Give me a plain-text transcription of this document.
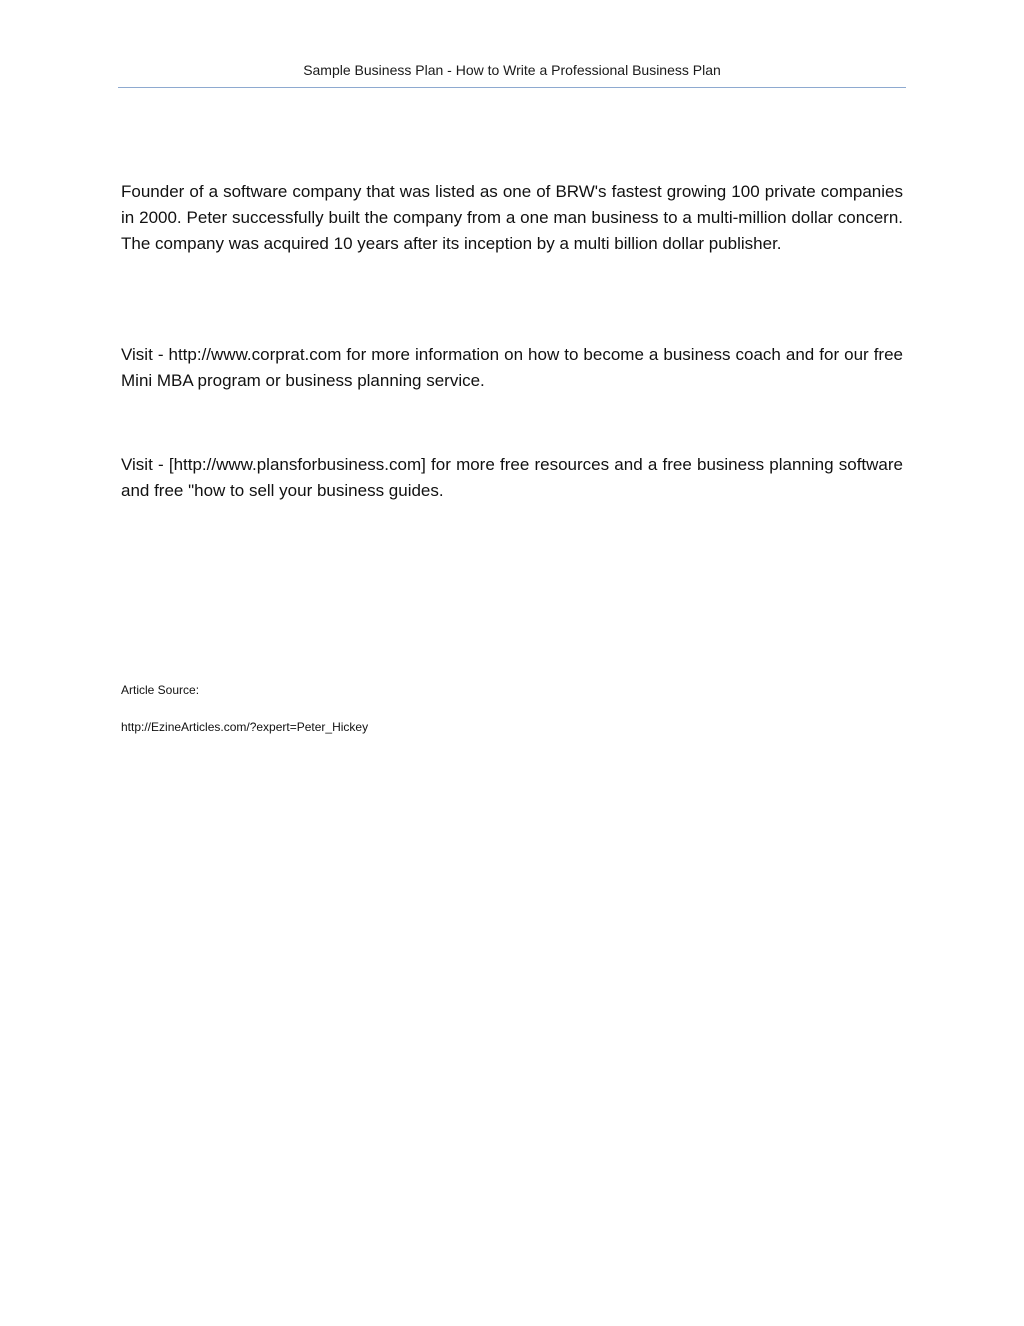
Sample Business Plan - How to Write a Professional Business Plan

Founder of a software company that was listed as one of BRW's fastest growing 100 private companies in 2000. Peter successfully built the company from a one man business to a multi-million dollar concern. The company was acquired 10 years after its inception by a multi billion dollar publisher.

Visit - http://www.corprat.com for more information on how to become a business coach and for our free Mini MBA program or business planning service.

Visit - [http://www.plansforbusiness.com] for more free resources and a free business planning software and free "how to sell your business guides.

Article Source:

http://EzineArticles.com/?expert=Peter_Hickey
